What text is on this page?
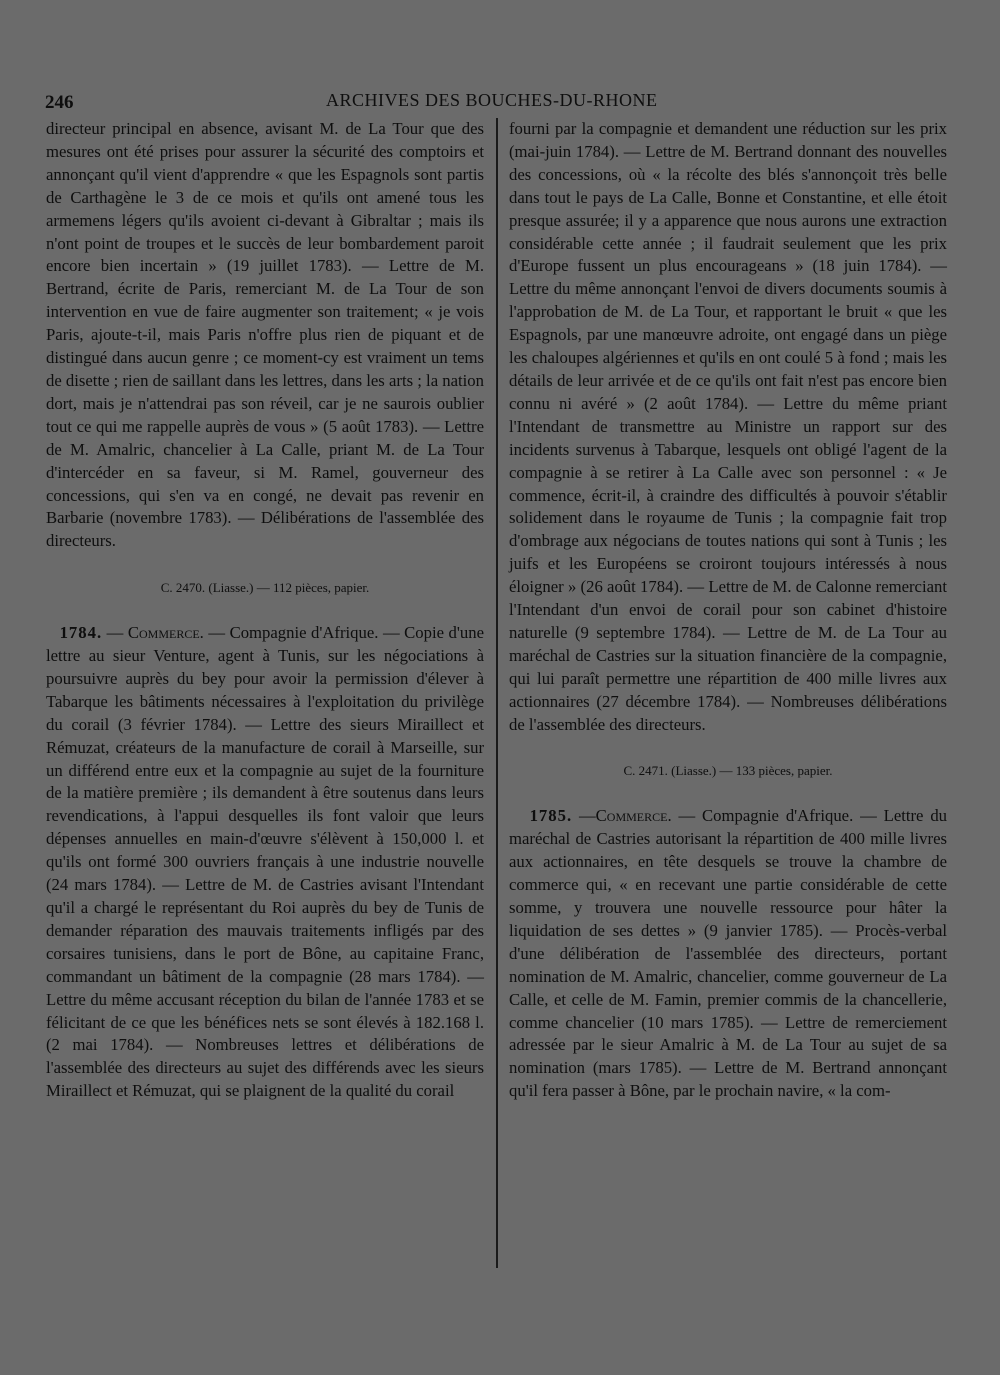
246	ARCHIVES DES BOUCHES-DU-RHONE

directeur principal en absence, avisant M. de La Tour que des mesures ont été prises pour assurer la sécurité des comptoirs et annonçant qu'il vient d'apprendre « que les Espagnols sont partis de Carthagène le 3 de ce mois et qu'ils ont amené tous les armemens légers qu'ils avoient ci-devant à Gibraltar ; mais ils n'ont point de troupes et le succès de leur bombardement paroit encore bien incertain » (19 juillet 1783). — Lettre de M. Bertrand, écrite de Paris, remerciant M. de La Tour de son intervention en vue de faire augmenter son traitement; « je vois Paris, ajoute-t-il, mais Paris n'offre plus rien de piquant et de distingué dans aucun genre ; ce moment-cy est vraiment un tems de disette ; rien de saillant dans les lettres, dans les arts ; la nation dort, mais je n'attendrai pas son réveil, car je ne saurois oublier tout ce qui me rappelle auprès de vous » (5 août 1783). — Lettre de M. Amalric, chancelier à La Calle, priant M. de La Tour d'intercéder en sa faveur, si M. Ramel, gouverneur des concessions, qui s'en va en congé, ne devait pas revenir en Barbarie (novembre 1783). — Délibérations de l'assemblée des directeurs.

C. 2470. (Liasse.) — 112 pièces, papier.

1784. — Commerce. — Compagnie d'Afrique. — Copie d'une lettre au sieur Venture, agent à Tunis, sur les négociations à poursuivre auprès du bey pour avoir la permission d'élever à Tabarque les bâtiments nécessaires à l'exploitation du privilège du corail (3 février 1784). — Lettre des sieurs Miraillect et Rémuzat, créateurs de la manufacture de corail à Marseille, sur un différend entre eux et la compagnie au sujet de la fourniture de la matière première ; ils demandent à être soutenus dans leurs revendications, à l'appui desquelles ils font valoir que leurs dépenses annuelles en main-d'œuvre s'élèvent à 150,000 l. et qu'ils ont formé 300 ouvriers français à une industrie nouvelle (24 mars 1784). — Lettre de M. de Castries avisant l'Intendant qu'il a chargé le représentant du Roi auprès du bey de Tunis de demander réparation des mauvais traitements infligés par des corsaires tunisiens, dans le port de Bône, au capitaine Franc, commandant un bâtiment de la compagnie (28 mars 1784). — Lettre du même accusant réception du bilan de l'année 1783 et se félicitant de ce que les bénéfices nets se sont élevés à 182.168 l. (2 mai 1784). — Nombreuses lettres et délibérations de l'assemblée des directeurs au sujet des différends avec les sieurs Miraillect et Rémuzat, qui se plaignent de la qualité du corail

fourni par la compagnie et demandent une réduction sur les prix (mai-juin 1784). — Lettre de M. Bertrand donnant des nouvelles des concessions, où « la récolte des blés s'annonçoit très belle dans tout le pays de La Calle, Bonne et Constantine, et elle étoit presque assurée; il y a apparence que nous aurons une extraction considérable cette année ; il faudrait seulement que les prix d'Europe fussent un plus encourageans » (18 juin 1784). — Lettre du même annonçant l'envoi de divers documents soumis à l'approbation de M. de La Tour, et rapportant le bruit « que les Espagnols, par une manœuvre adroite, ont engagé dans un piège les chaloupes algériennes et qu'ils en ont coulé 5 à fond ; mais les détails de leur arrivée et de ce qu'ils ont fait n'est pas encore bien connu ni avéré » (2 août 1784). — Lettre du même priant l'Intendant de transmettre au Ministre un rapport sur des incidents survenus à Tabarque, lesquels ont obligé l'agent de la compagnie à se retirer à La Calle avec son personnel : « Je commence, écrit-il, à craindre des difficultés à pouvoir s'établir solidement dans le royaume de Tunis ; la compagnie fait trop d'ombrage aux négocians de toutes nations qui sont à Tunis ; les juifs et les Européens se croiront toujours intéressés à nous éloigner » (26 août 1784). — Lettre de M. de Calonne remerciant l'Intendant d'un envoi de corail pour son cabinet d'histoire naturelle (9 septembre 1784). — Lettre de M. de La Tour au maréchal de Castries sur la situation financière de la compagnie, qui lui paraît permettre une répartition de 400 mille livres aux actionnaires (27 décembre 1784). — Nombreuses délibérations de l'assemblée des directeurs.

C. 2471. (Liasse.) — 133 pièces, papier.

1785. —Commerce. — Compagnie d'Afrique. — Lettre du maréchal de Castries autorisant la répartition de 400 mille livres aux actionnaires, en tête desquels se trouve la chambre de commerce qui, « en recevant une partie considérable de cette somme, y trouvera une nouvelle ressource pour hâter la liquidation de ses dettes » (9 janvier 1785). — Procès-verbal d'une délibération de l'assemblée des directeurs, portant nomination de M. Amalric, chancelier, comme gouverneur de La Calle, et celle de M. Famin, premier commis de la chancellerie, comme chancelier (10 mars 1785). — Lettre de remerciement adressée par le sieur Amalric à M. de La Tour au sujet de sa nomination (mars 1785). — Lettre de M. Bertrand annonçant qu'il fera passer à Bône, par le prochain navire, « la com-
